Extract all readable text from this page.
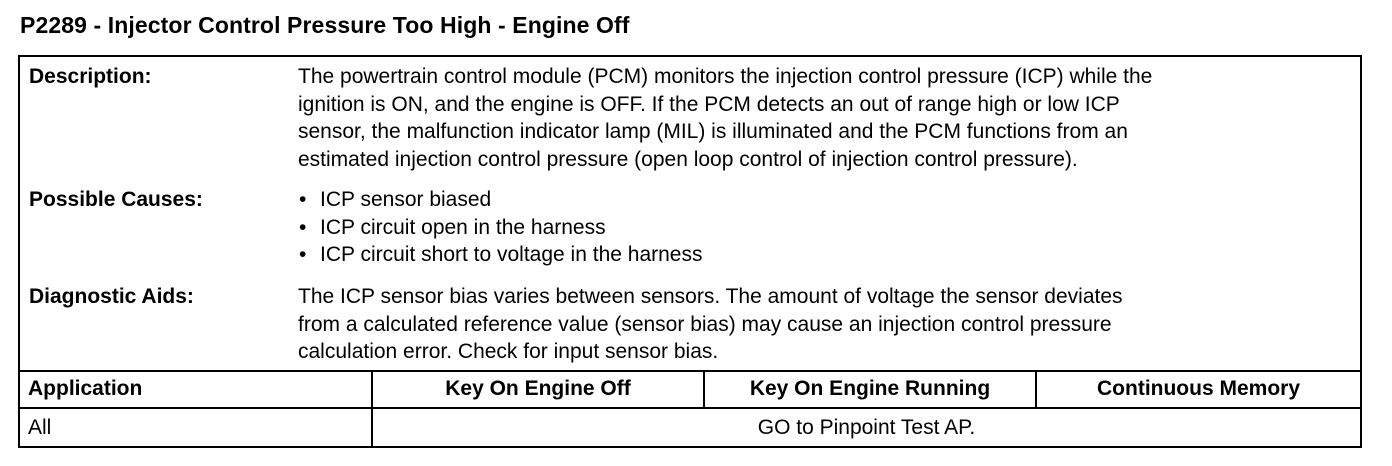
P2289 - Injector Control Pressure Too High - Engine Off
Description:	The powertrain control module (PCM) monitors the injection control pressure (ICP) while the
ignition is ON, and the engine is OFF. If the PCM detects an out of range high or low ICP
sensor, the malfunction indicator lamp (MIL) is illuminated and the PCM functions from an
estimated injection control pressure (open loop control of injection control pressure).
Possible Causes:
•	ICP sensor biased
• ICP circuit open in the harness
• ICP circuit short to voltage in the harness
Diagnostic Aids:	The ICP sensor bias varies between sensors. The amount of voltage the sensor deviates
from a calculated reference value (sensor bias) may cause an injection control pressure
calculation error. Check for input sensor bias.
Application	Key On Engine Off	Key On Engine Running	Continuous Memory
All	GO to Pinpoint Test AP.
